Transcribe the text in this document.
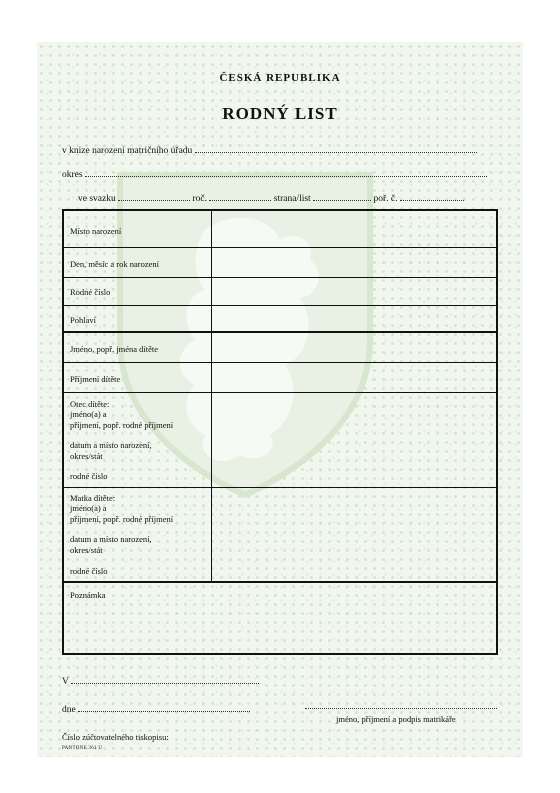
ČESKÁ REPUBLIKA
RODNÝ LIST
v knize narození matričního úřadu
okres
ve svazku	roč.	strana/list	poř. č.
Místo narození
Den, měsíc a rok narození
Rodné číslo
Pohlaví
Jméno, popř. jména dítěte
Příjmení dítěte
Otec dítěte:
jméno(a) a
příjmení, popř. rodné příjmení
datum a místo narození,
okres/stát
rodné číslo
Matka dítěte:
jméno(a) a
příjmení, popř. rodné příjmení
datum a místo narození,
okres/stát
rodné číslo
Poznámka
V
dne
jméno, příjmení a podpis matrikáře
Číslo zúčtovatelného tiskopisu:
PANTONE 361 U
